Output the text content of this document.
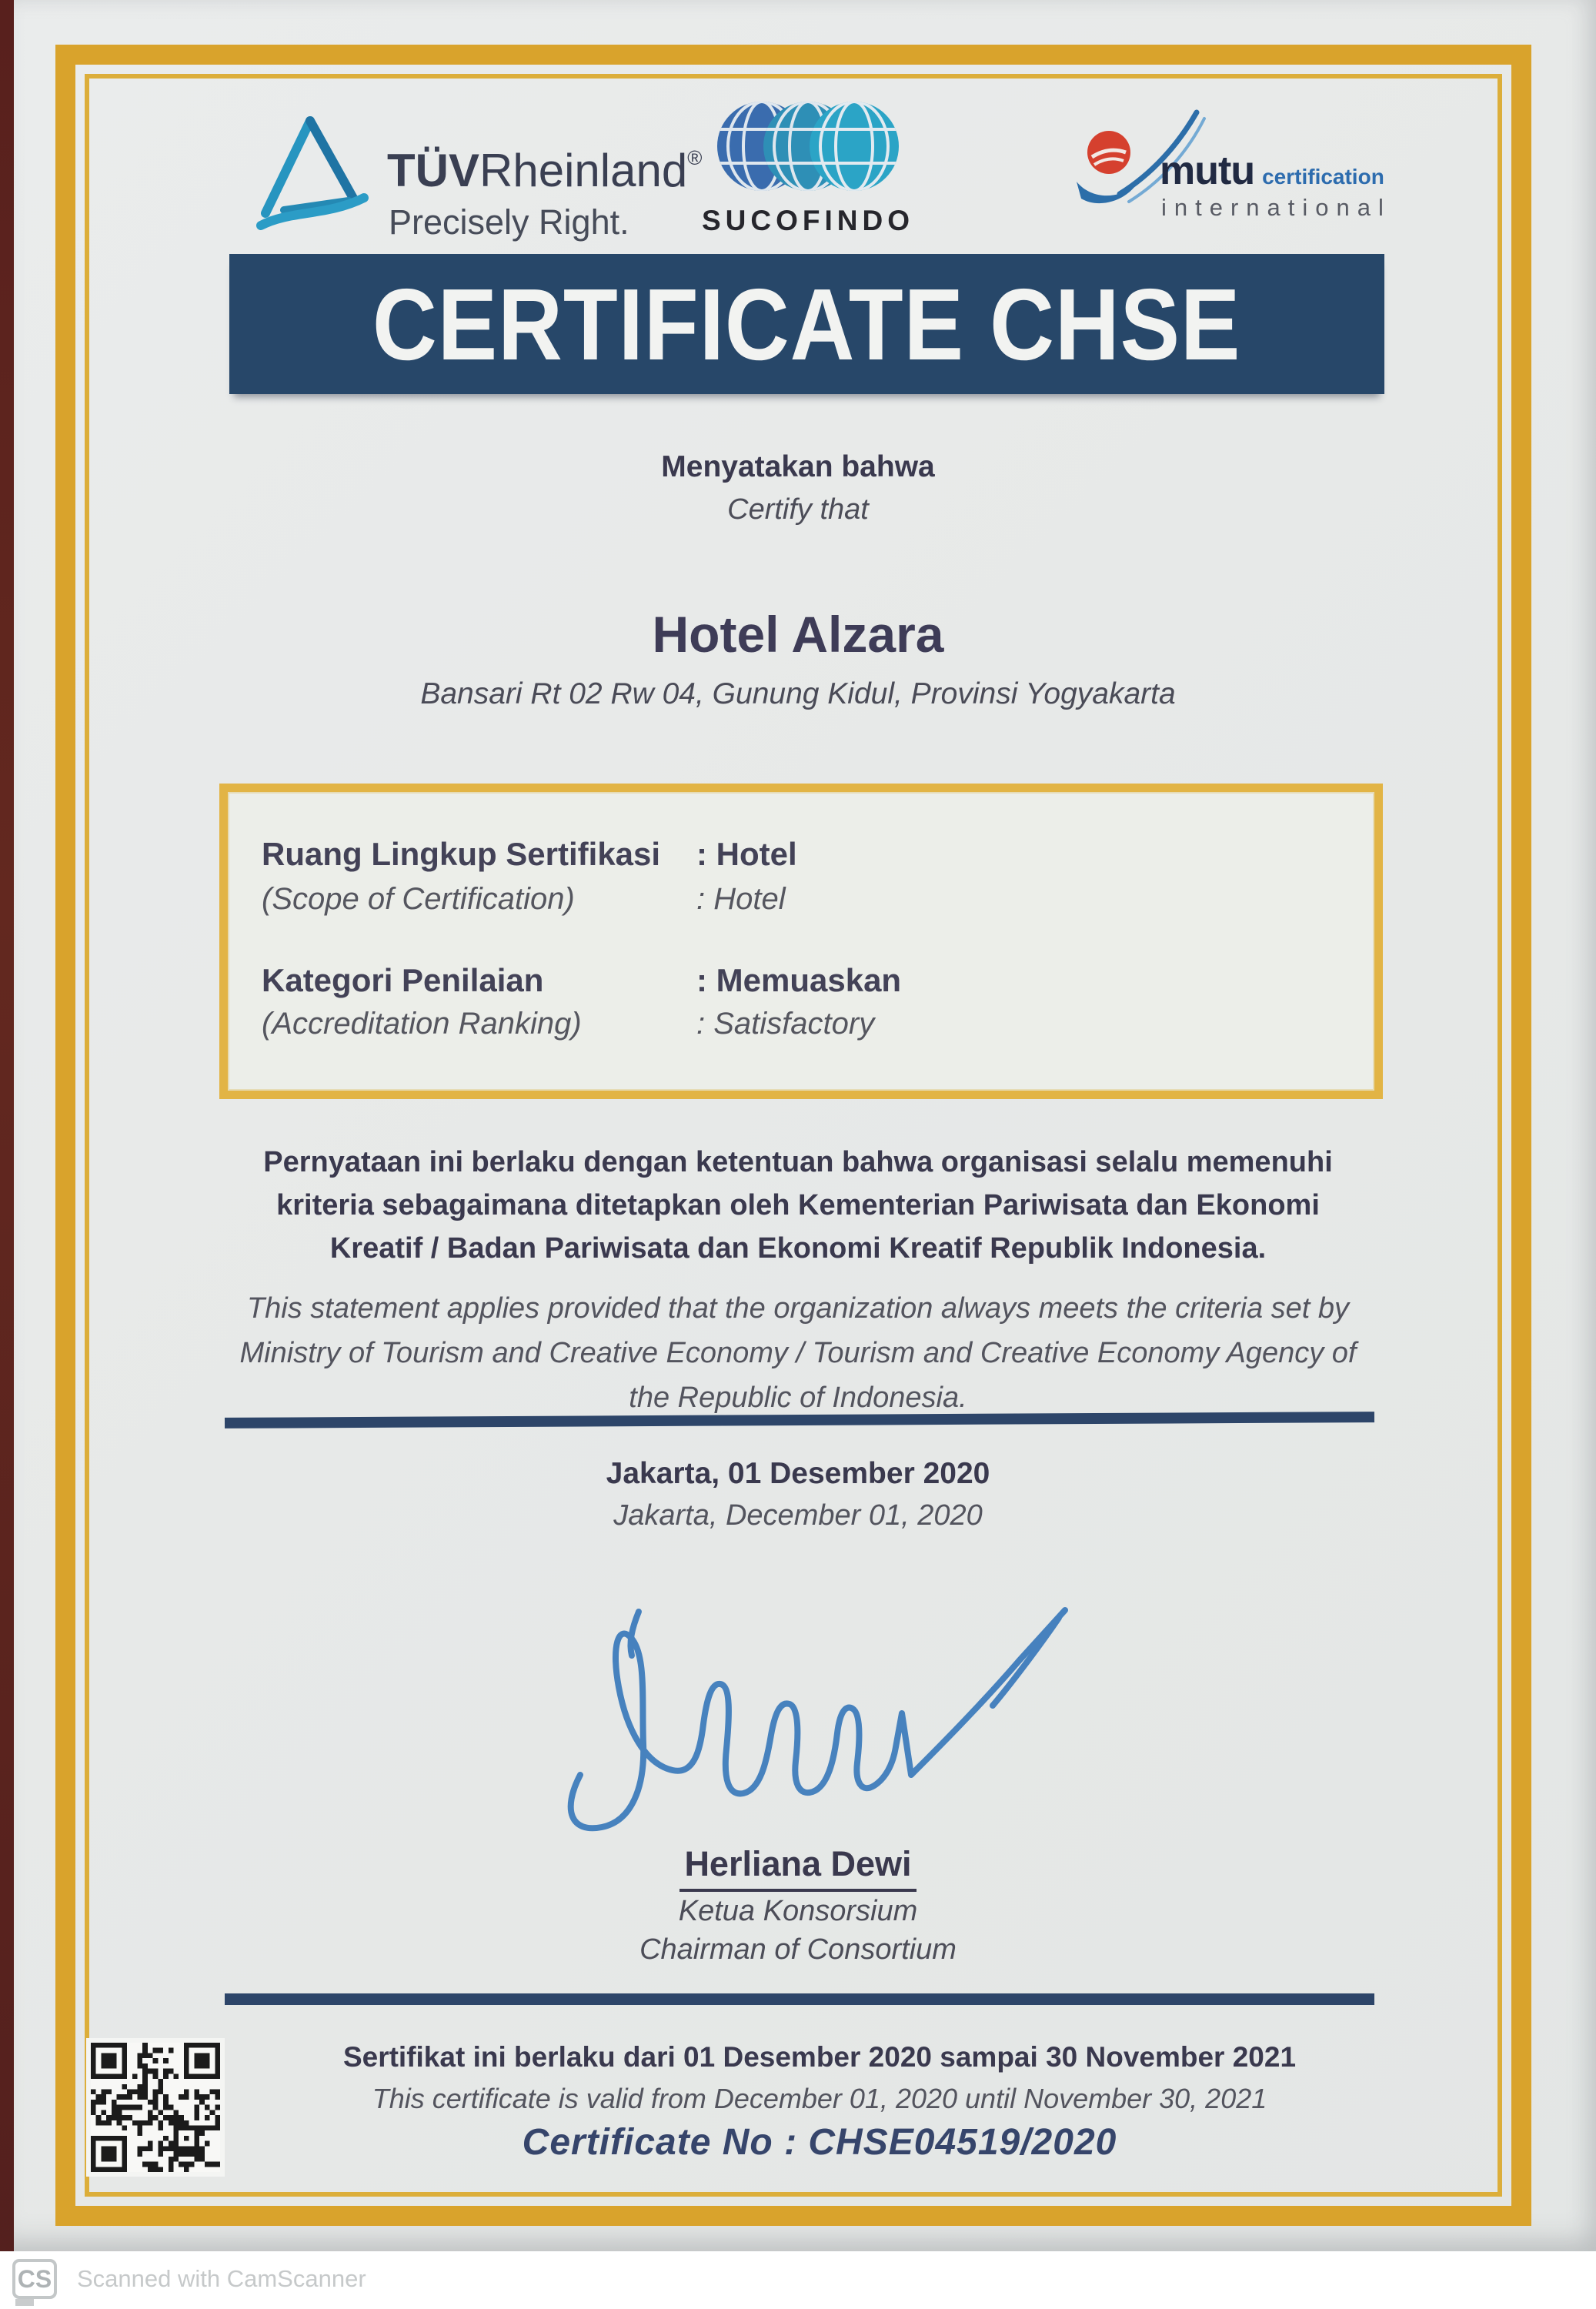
TÜVRheinland®
Precisely Right.	SUCOFINDO
mutu certification
international
CERTIFICATE CHSE
Menyatakan bahwa
Certify that
Hotel Alzara
Bansari Rt 02 Rw 04, Gunung Kidul, Provinsi Yogyakarta
Ruang Lingkup Sertifikasi : Hotel
(Scope of Certification)	: Hotel
Kategori Penilaian	: Memuaskan
(Accreditation Ranking)	: Satisfactory
Pernyataan ini berlaku dengan ketentuan bahwa organisasi selalu memenuhi kriteria sebagaimana ditetapkan oleh Kementerian Pariwisata dan Ekonomi Kreatif / Badan Pariwisata dan Ekonomi Kreatif Republik Indonesia.
This statement applies provided that the organization always meets the criteria set by Ministry of Tourism and Creative Economy / Tourism and Creative Economy Agency of the Republic of Indonesia.
Jakarta, 01 Desember 2020
Jakarta, December 01, 2020
Herliana Dewi
Ketua Konsorsium
Chairman of Consortium
Sertifikat ini berlaku dari 01 Desember 2020 sampai 30 November 2021
This certificate is valid from December 01, 2020 until November 30, 2021
Certificate No : CHSE04519/2020
CS Scanned with CamScanner
